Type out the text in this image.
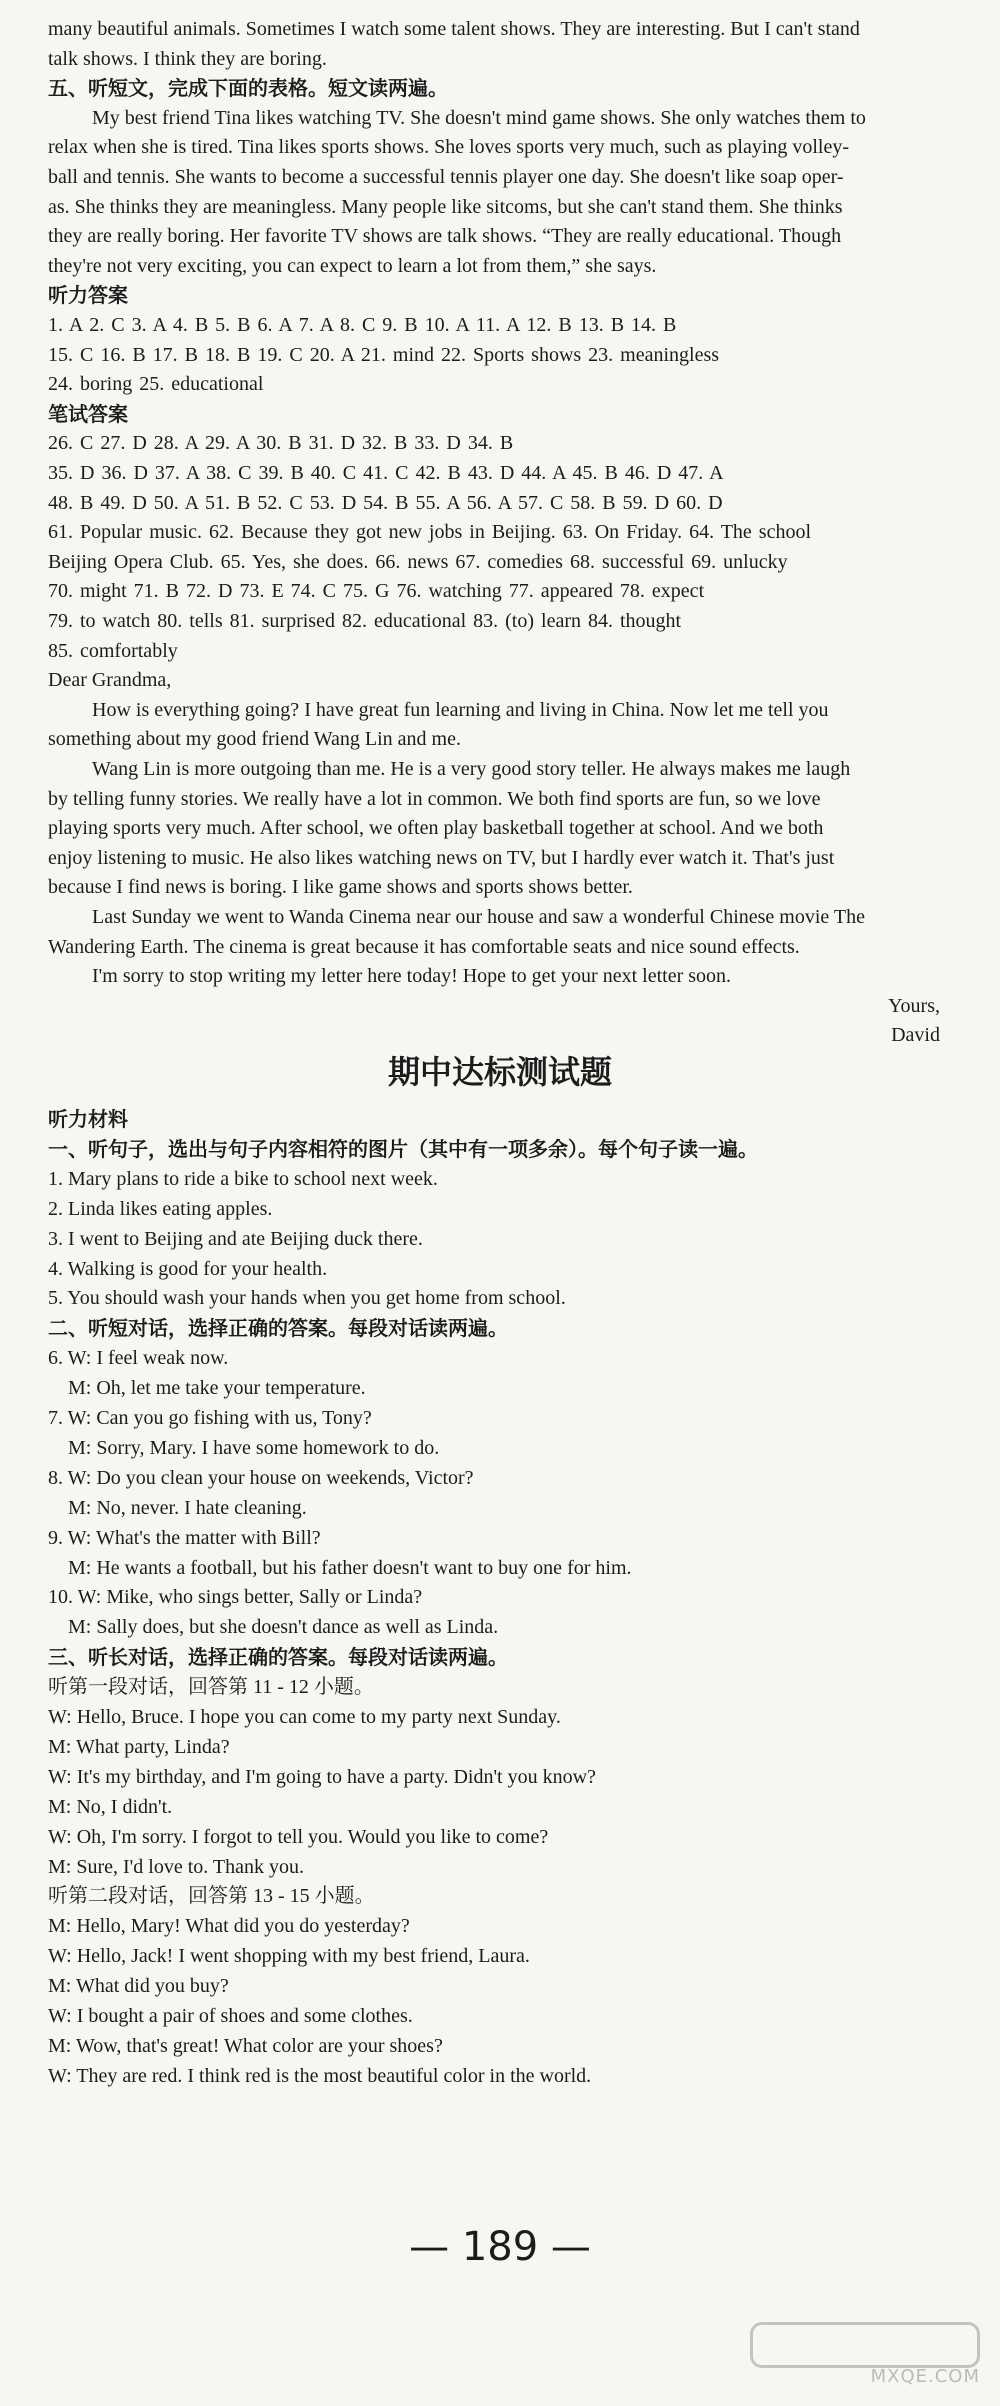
many beautiful animals. Sometimes I watch some talent shows. They are interesting. But I can't stand
talk shows. I think they are boring.
五、听短文，完成下面的表格。短文读两遍。
My best friend Tina likes watching TV. She doesn't mind game shows. She only watches them to
relax when she is tired. Tina likes sports shows. She loves sports very much, such as playing volley-
ball and tennis. She wants to become a successful tennis player one day. She doesn't like soap oper-
as. She thinks they are meaningless. Many people like sitcoms, but she can't stand them. She thinks
they are really boring. Her favorite TV shows are talk shows. “They are really educational. Though
they're not very exciting, you can expect to learn a lot from them,” she says.
听力答案
1. A 2. C 3. A 4. B 5. B 6. A 7. A 8. C 9. B 10. A 11. A 12. B 13. B 14. B
15. C 16. B 17. B 18. B 19. C 20. A 21. mind 22. Sports shows 23. meaningless
24. boring 25. educational
笔试答案
26. C 27. D 28. A 29. A 30. B 31. D 32. B 33. D 34. B
35. D 36. D 37. A 38. C 39. B 40. C 41. C 42. B 43. D 44. A 45. B 46. D 47. A
48. B 49. D 50. A 51. B 52. C 53. D 54. B 55. A 56. A 57. C 58. B 59. D 60. D
61. Popular music. 62. Because they got new jobs in Beijing. 63. On Friday. 64. The school
Beijing Opera Club. 65. Yes, she does. 66. news 67. comedies 68. successful 69. unlucky
70. might 71. B 72. D 73. E 74. C 75. G 76. watching 77. appeared 78. expect
79. to watch 80. tells 81. surprised 82. educational 83. (to) learn 84. thought
85. comfortably
Dear Grandma,
How is everything going? I have great fun learning and living in China. Now let me tell you
something about my good friend Wang Lin and me.
Wang Lin is more outgoing than me. He is a very good story teller. He always makes me laugh
by telling funny stories. We really have a lot in common. We both find sports are fun, so we love
playing sports very much. After school, we often play basketball together at school. And we both
enjoy listening to music. He also likes watching news on TV, but I hardly ever watch it. That's just
because I find news is boring. I like game shows and sports shows better.
Last Sunday we went to Wanda Cinema near our house and saw a wonderful Chinese movie The
Wandering Earth. The cinema is great because it has comfortable seats and nice sound effects.
I'm sorry to stop writing my letter here today! Hope to get your next letter soon.
Yours,
David
期中达标测试题
听力材料
一、听句子，选出与句子内容相符的图片（其中有一项多余）。每个句子读一遍。
1. Mary plans to ride a bike to school next week.
2. Linda likes eating apples.
3. I went to Beijing and ate Beijing duck there.
4. Walking is good for your health.
5. You should wash your hands when you get home from school.
二、听短对话，选择正确的答案。每段对话读两遍。
6. W: I feel weak now.
M: Oh, let me take your temperature.
7. W: Can you go fishing with us, Tony?
M: Sorry, Mary. I have some homework to do.
8. W: Do you clean your house on weekends, Victor?
M: No, never. I hate cleaning.
9. W: What's the matter with Bill?
M: He wants a football, but his father doesn't want to buy one for him.
10. W: Mike, who sings better, Sally or Linda?
M: Sally does, but she doesn't dance as well as Linda.
三、听长对话，选择正确的答案。每段对话读两遍。
听第一段对话，回答第 11 - 12 小题。
W: Hello, Bruce. I hope you can come to my party next Sunday.
M: What party, Linda?
W: It's my birthday, and I'm going to have a party. Didn't you know?
M: No, I didn't.
W: Oh, I'm sorry. I forgot to tell you. Would you like to come?
M: Sure, I'd love to. Thank you.
听第二段对话，回答第 13 - 15 小题。
M: Hello, Mary! What did you do yesterday?
W: Hello, Jack! I went shopping with my best friend, Laura.
M: What did you buy?
W: I bought a pair of shoes and some clothes.
M: Wow, that's great! What color are your shoes?
W: They are red. I think red is the most beautiful color in the world.
— 189 —
MXQE.COM
